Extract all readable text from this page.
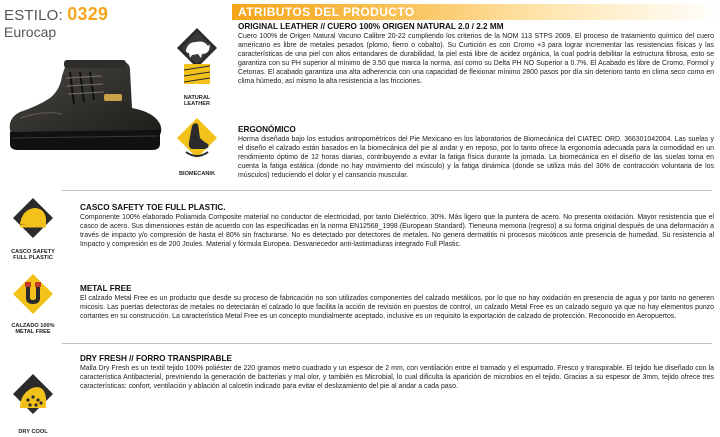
ESTILO: 0329
Eurocap
ATRIBUTOS DEL PRODUCTO
NATURAL LEATHER
ORIGINAL LEATHER // CUERO 100% ORIGEN NATURAL 2.0 / 2.2 MM
Cuero 100% de Origen Natural Vacuno Calibre 20-22 cumpliendo los criterios de la NOM 113 STPS 2009. El proceso de tratamiento químico del cuero americano es libre de metales pesados (plomo, fierro o cobalto). Su Curtición es con Cromo +3 para lograr incrementar las resistencias físicas y las características de una piel con altos entandares de durabilidad, la piel está libre de acidez orgánica, la cual podría debilitar la estructura fibrosa, esto se garantiza con su PH superior al mínimo de 3.50 que marca la norma, así como su Delta PH NO Superior a 0.7%. El Acabado es libre de Cromo, Formol y Cetonas. El acabado garantiza una alta adherencia con una capacidad de flexionar mínimo 2800 pasos por día sin deterioro tanto en clima seco como en clima húmedo, así mismo la alta resistencia a las fricciones.
BIOMECANIK
ERGONÓMICO
Horma diseñada bajo los estudios antropométricos del Pie Mexicano en los laboratorios de Biomecánica del CIATEC ORD. 366301042004. Las suelas y el diseño el calzado están basados en la biomecánica del pie al andar y en reposo, por lo tanto ofrece la ergonomía adecuada para la comodidad en un rendimiento óptimo de 12 horas diarias, contribuyendo a evitar la fatiga física durante la jornada. La biomecánica en el diseño de las suelas toma en cuenta la fatiga estática (donde no hay movimiento del músculo) y la fatiga dinámica (donde se utiliza más del 30% de contracción voluntaria de los músculos) reduciendo el dolor y el cansancio muscular.
CASCO SAFETY FULL PLASTIC
CASCO SAFETY TOE FULL PLASTIC.
Componente 100% elaborado Poliamida Composite material no conductor de electricidad, por tanto Dieléctrico. 30%. Más ligero que la puntera de acero. No presenta oxidación. Mayor resistencia que el casco de acero. Sus dimensiones están de acuerdo con las especificadas en la norma EN12568_1998 (European Standard). Tieneuna memoria (regreso) a su forma original después de una deformación a través de impacto y/o compresión de hasta el 80% sin fracturarse. No es detectado por detectores de metales. No genera dermatitis ni procesos micóticos ante presencia de humedad. Su resistencia al Impacto y compresión es de 200 Joules. Material y fórmula Europea. Desvanecedor anti-lastimaduras integrado Full Plastic.
CALZADO 100% METAL FREE
METAL FREE
El calzado Metal Free es un producto que desde su proceso de fabricación no son utilizados componentes del calzado metálicos, por lo que no hay oxidación en presencia de agua y por tanto no generen micosis. Las puertas detectoras de metales no detectarán el calzado lo que facilita la acción de revisión en puestos de control, un calzado Metal Free es un calzado seguro ya que no hay elementos punzo cortantes en su construcción. La característica Metal Free es un concepto mundialmente aceptado, inclusive es un requisito la exportación de calzado de protección. Reconocido en Aeropuertos.
DRY COOL
DRY FRESH // FORRO TRANSPIRABLE
Malla Dry Fresh es un textil tejido 100% poliéster de 220 gramos metro cuadrado y un espesor de 2 mm, con ventilación entre el tramado y el espumado. Fresco y transpirable. El tejido fue diseñado con la característica Antibacterial, previniendo la generación de bacterias y mal olor, y también es Microbial, lo cual dificulta la aparición de microbios en el tejido. Gracias a su espesor de 3mm, tejido ofrece tres características: confort, ventilación y ablación al calcetín indicado para evitar el deslizamiento del pie al andar a cada paso.
